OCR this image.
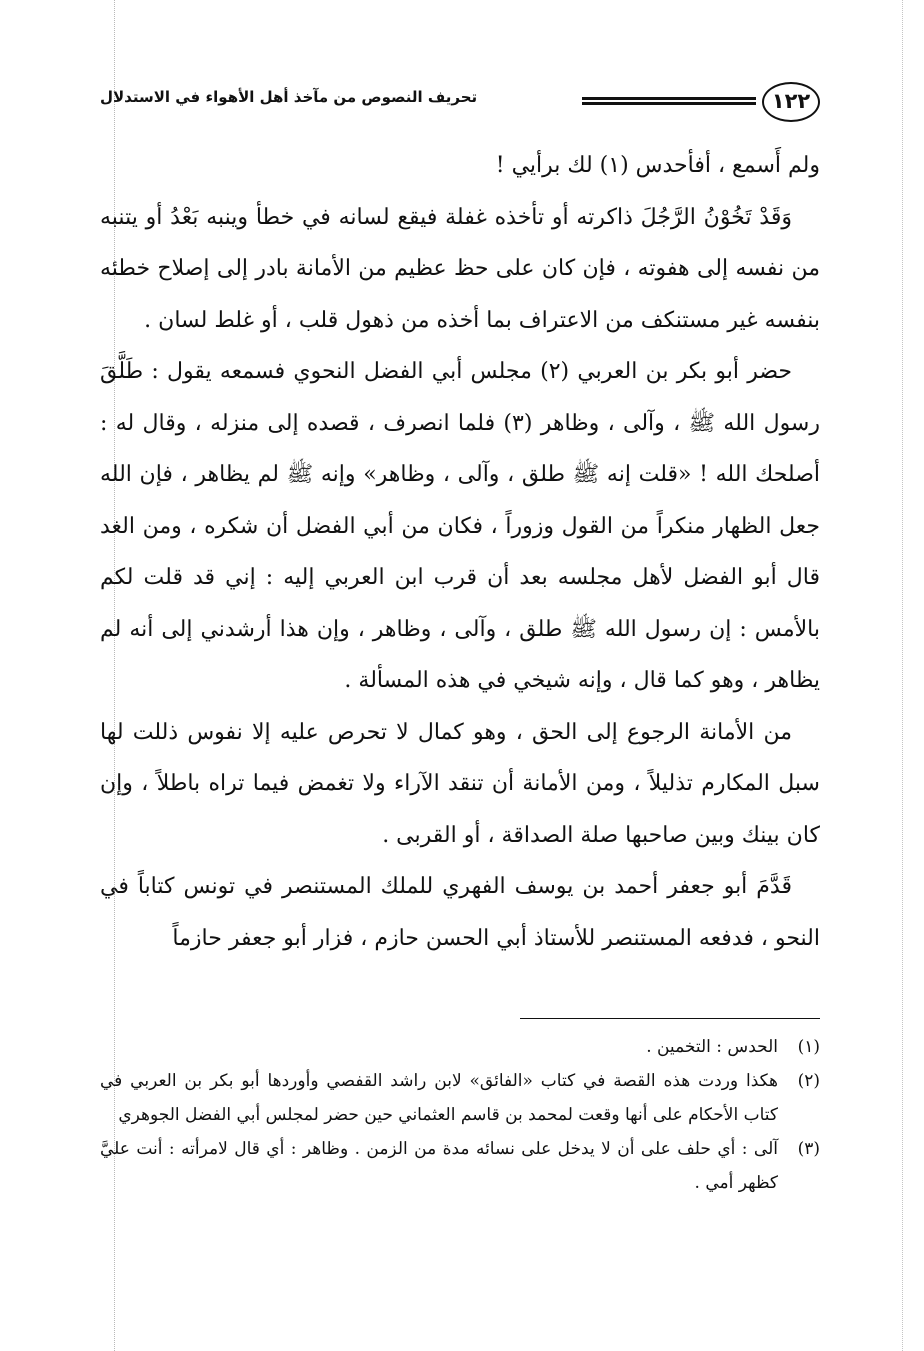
١٢٢
تحريف النصوص من مآخذ أهل الأهواء في الاستدلال

ولم أَسمع ، أفأحدس (١) لك برأيي !

وَقَدْ تَخُوْنُ الرَّجُلَ ذاكرته أو تأخذه غفلة فيقع لسانه في خطأ وينبه بَعْدُ أو يتنبه من نفسه إلى هفوته ، فإن كان على حظ عظيم من الأمانة بادر إلى إصلاح خطئه بنفسه غير مستنكف من الاعتراف بما أخذه من ذهول قلب ، أو غلط لسان .

حضر أبو بكر بن العربي (٢) مجلس أبي الفضل النحوي فسمعه يقول : طَلَّقَ رسول الله ﷺ ، وآلى ، وظاهر (٣) فلما انصرف ، قصده إلى منزله ، وقال له : أصلحك الله ! «قلت إنه ﷺ طلق ، وآلى ، وظاهر» وإنه ﷺ لم يظاهر ، فإن الله جعل الظهار منكراً من القول وزوراً ، فكان من أبي الفضل أن شكره ، ومن الغد قال أبو الفضل لأهل مجلسه بعد أن قرب ابن العربي إليه : إني قد قلت لكم بالأمس : إن رسول الله ﷺ طلق ، وآلى ، وظاهر ، وإن هذا أرشدني إلى أنه لم يظاهر ، وهو كما قال ، وإنه شيخي في هذه المسألة .

من الأمانة الرجوع إلى الحق ، وهو كمال لا تحرص عليه إلا نفوس ذللت لها سبل المكارم تذليلاً ، ومن الأمانة أن تنقد الآراء ولا تغمض فيما تراه باطلاً ، وإن كان بينك وبين صاحبها صلة الصداقة ، أو القربى .

قَدَّمَ أبو جعفر أحمد بن يوسف الفهري للملك المستنصر في تونس كتاباً في النحو ، فدفعه المستنصر للأستاذ أبي الحسن حازم ، فزار أبو جعفر حازماً

(١)
الحدس : التخمين .
(٢)
هكذا وردت هذه القصة في كتاب «الفائق» لابن راشد القفصي وأوردها أبو بكر بن العربي في كتاب الأحكام على أنها وقعت لمحمد بن قاسم العثماني حين حضر لمجلس أبي الفضل الجوهري
(٣)
آلى : أي حلف على أن لا يدخل على نسائه مدة من الزمن . وظاهر : أي قال لامرأته : أنت عليَّ كظهر أمي .
